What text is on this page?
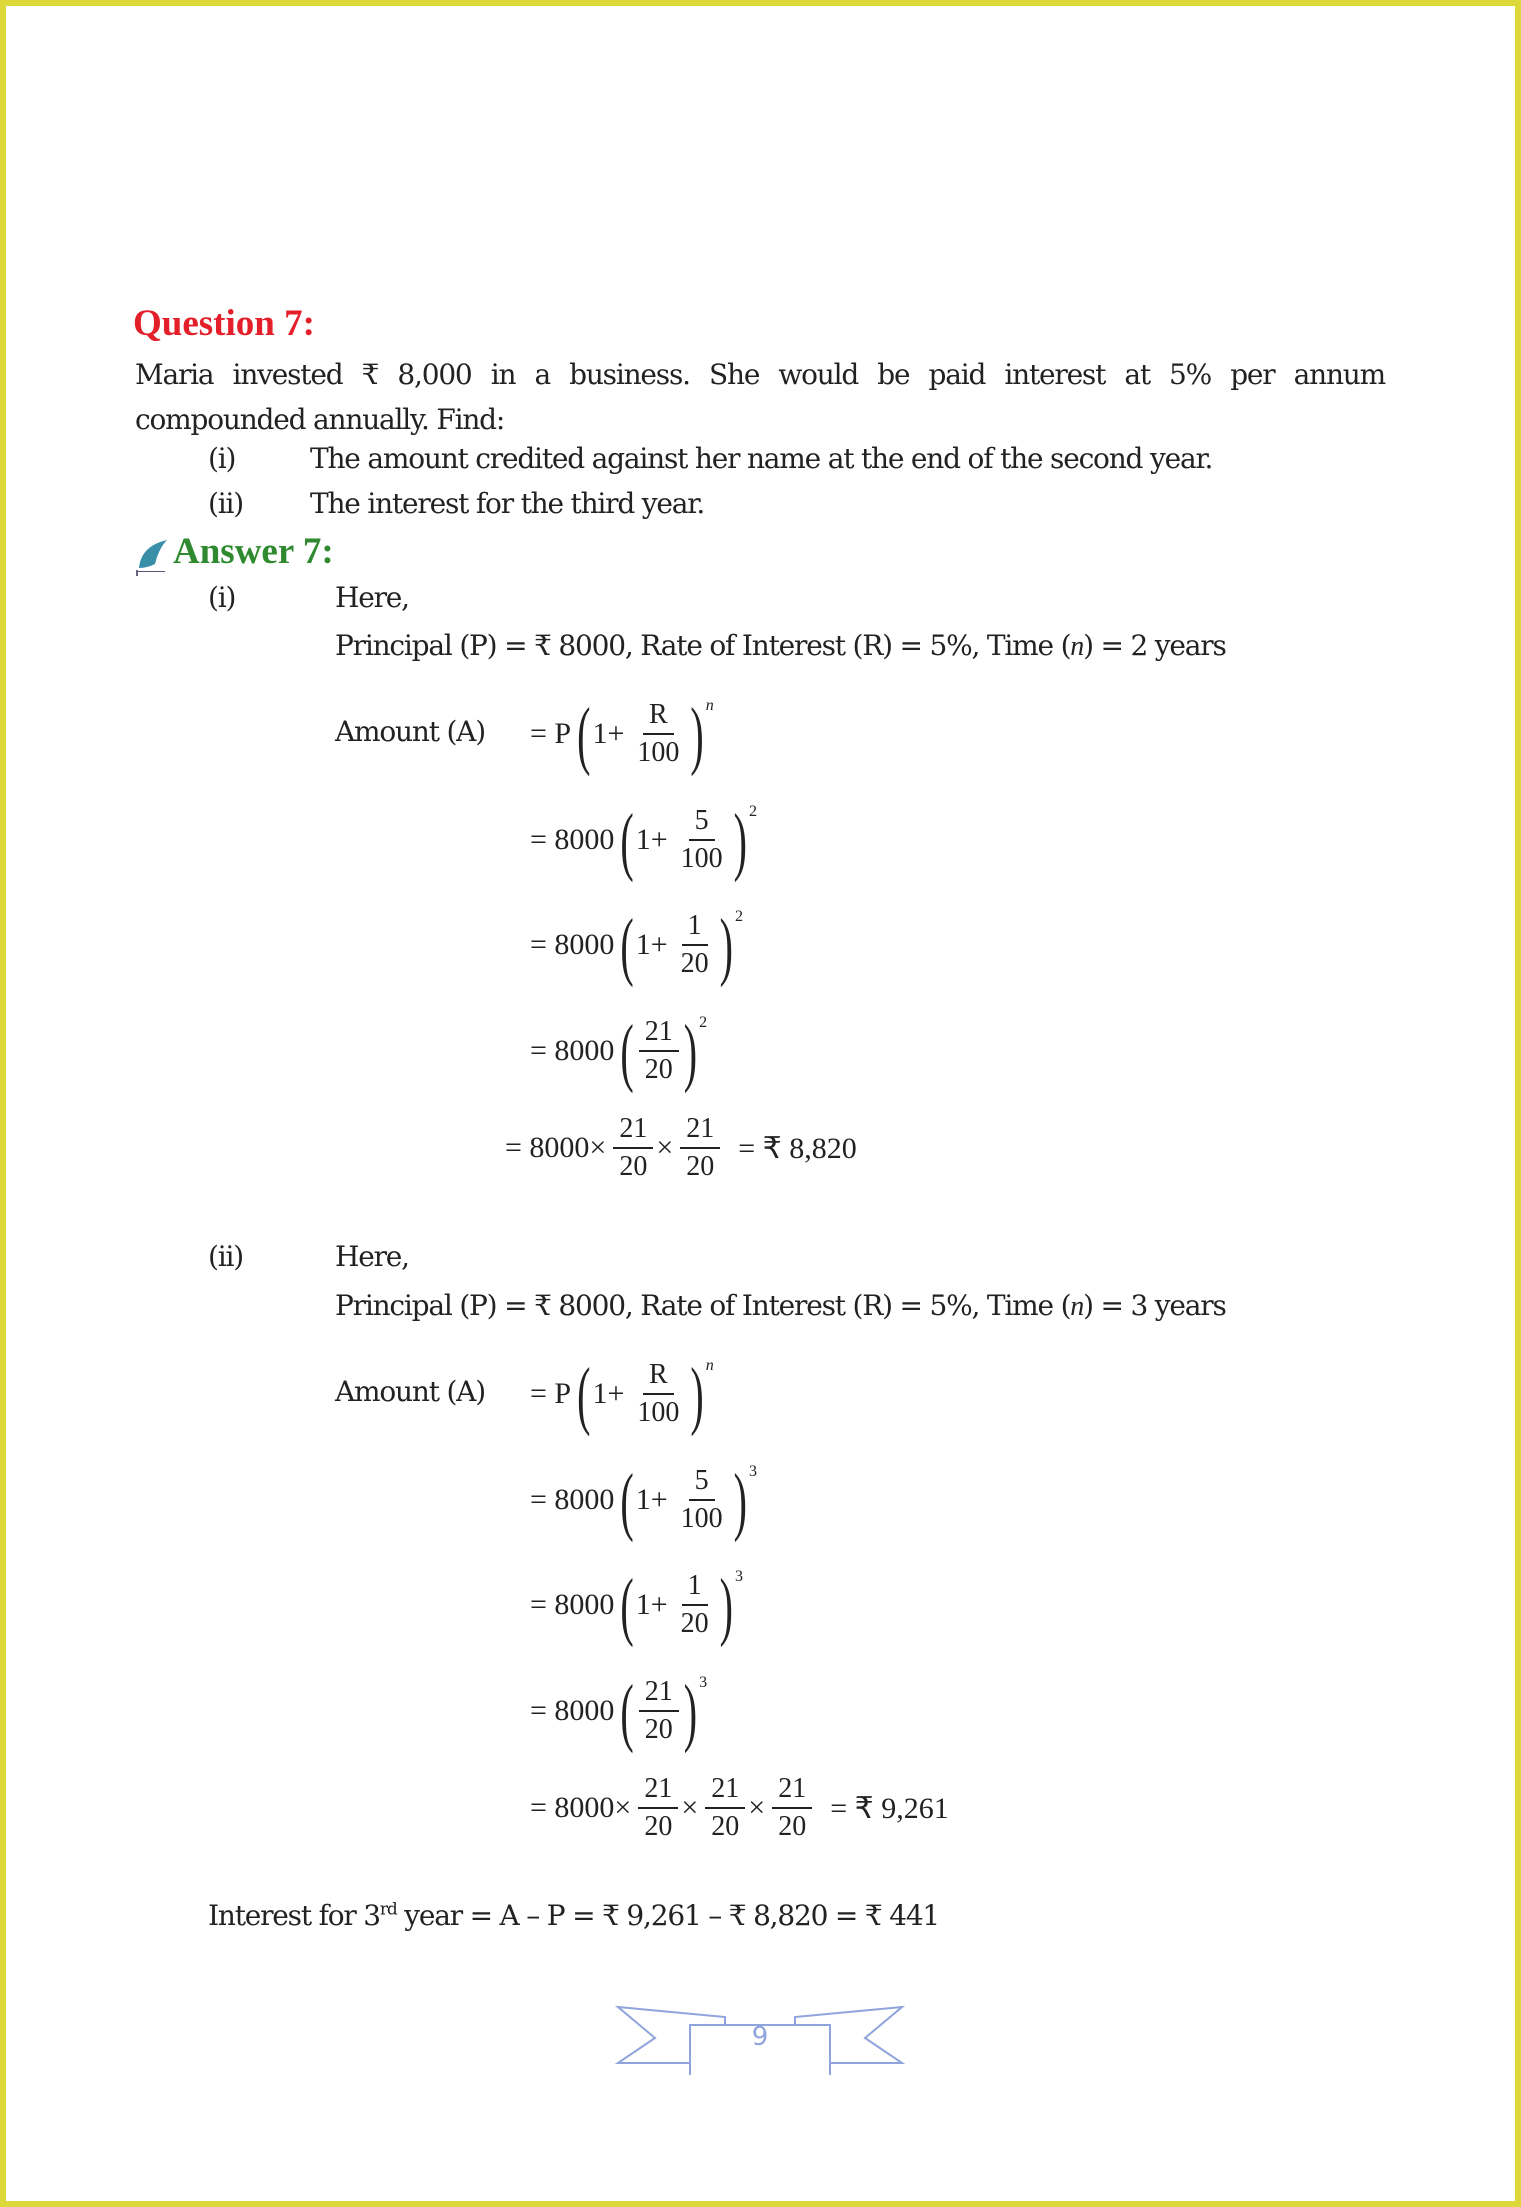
Question 7:
Maria invested ₹ 8,000 in a business. She would be paid interest at 5% per annum
compounded annually. Find:
(i)	The amount credited against her name at the end of the second year.
(ii) The interest for the third year.
Answer 7:
(i)	Here,
Principal (P) = ₹ 8000, Rate of Interest (R) = 5%, Time (n) = 2 years
Amount (A) = P ( $1+ \frac{R}{100}$ ) n
= 8000 ( $1+ \frac{5}{100}$ ) 2
= 8000 ( $1+ \frac{1}{20}$ ) 2
= 8000 ( $\frac{21}{20}$ ) 2
= $8000\times \frac{21}{20} \times \frac{21}{20}$ = ₹ 8,820
(ii)	Here,
Principal (P) = ₹ 8000, Rate of Interest (R) = 5%, Time (n) = 3 years
Amount (A) = P ( $1+ \frac{R}{100}$ ) n
= 8000 ( $1+ \frac{5}{100}$ ) 3
= 8000 ( $1+ \frac{1}{20}$ ) 3
= 8000 ( $\frac{21}{20}$ ) 3
= $8000\times \frac{21}{20} \times \frac{21}{20} \times \frac{21}{20}$ = ₹ 9,261
Interest for 3rd year = A – P = ₹ 9,261 – ₹ 8,820 = ₹ 441
9
